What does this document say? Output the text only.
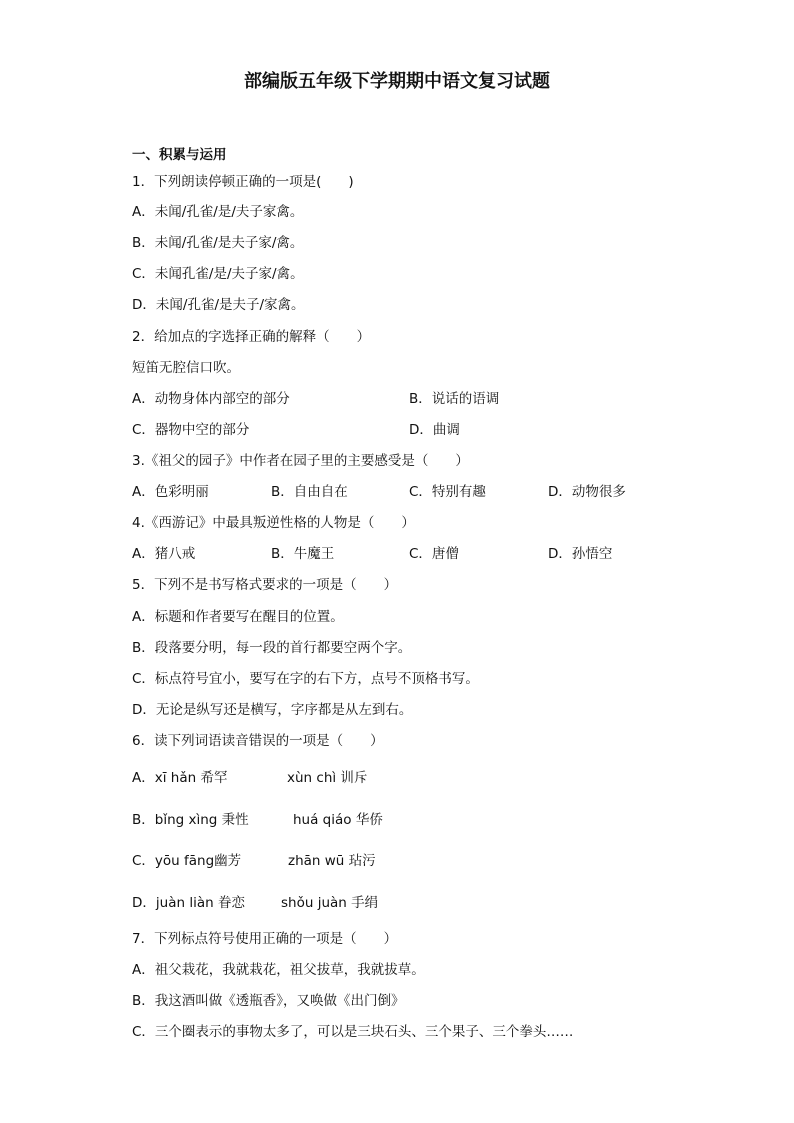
部编版五年级下学期期中语文复习试题
一、积累与运用
1．下列朗读停顿正确的一项是(　　)
A．未闻/孔雀/是/夫子家禽。
B．未闻/孔雀/是夫子家/禽。
C．未闻孔雀/是/夫子家/禽。
D．未闻/孔雀/是夫子/家禽。
2．给加点的字选择正确的解释（　　）
短笛无腔信口吹。
A．动物身体内部空的部分	B．说话的语调
C．器物中空的部分	D．曲调
3.《祖父的园子》中作者在园子里的主要感受是（　　）
A．色彩明丽	B．自由自在	C．特别有趣	D．动物很多
4.《西游记》中最具叛逆性格的人物是（　　）
A．猪八戒	B．牛魔王	C．唐僧	D．孙悟空
5．下列不是书写格式要求的一项是（　　）
A．标题和作者要写在醒目的位置。
B．段落要分明，每一段的首行都要空两个字。
C．标点符号宜小，要写在字的右下方，点号不顶格书写。
D．无论是纵写还是横写，字序都是从左到右。
6．读下列词语读音错误的一项是（　　）
A．xī hǎn 希罕	xùn chì 训斥
B．bǐng xìng 秉性	huá qiáo 华侨
C．yōu fāng幽芳	zhān wū 玷污
D．juàn liàn 眷恋	shǒu juàn 手绢
7．下列标点符号使用正确的一项是（　　）
A．祖父栽花，我就栽花，祖父拔草，我就拔草。
B．我这酒叫做《透瓶香》，又唤做《出门倒》
C．三个圈表示的事物太多了，可以是三块石头、三个果子、三个拳头……
